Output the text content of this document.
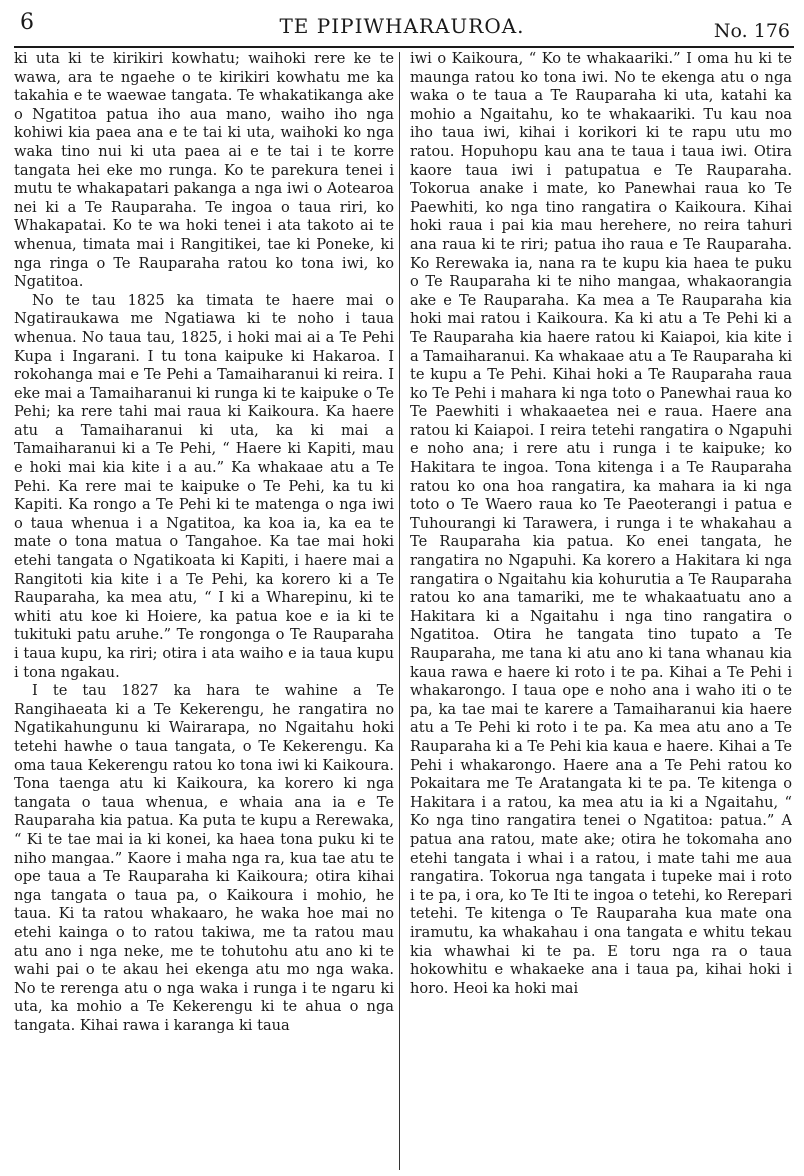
6	TE PIPIWHARAUROA.	No. 176

ki uta ki te kirikiri kowhatu; waihoki rere ke te wawa, ara te ngaehe o te kirikiri kowhatu me ka takahia e te waewae tangata. Te whakatikanga ake o Ngatitoa patua iho aua mano, waiho iho nga kohiwi kia paea ana e te tai ki uta, waihoki ko nga waka tino nui ki uta paea ai e te tai i te korre tangata hei eke mo runga. Ko te parekura tenei i mutu te whakapatari pakanga a nga iwi o Aotearoa nei ki a Te Rauparaha. Te ingoa o taua riri, ko Whakapatai. Ko te wa hoki tenei i ata takoto ai te whenua, timata mai i Rangitikei, tae ki Poneke, ki nga ringa o Te Rauparaha ratou ko tona iwi, ko Ngatitoa.

No te tau 1825 ka timata te haere mai o Ngatiraukawa me Ngatiawa ki te noho i taua whenua. No taua tau, 1825, i hoki mai ai a Te Pehi Kupa i Ingarani. I tu tona kaipuke ki Hakaroa. I rokohanga mai e Te Pehi a Tamaiharanui ki reira. I eke mai a Tamaiharanui ki runga ki te kaipuke o Te Pehi; ka rere tahi mai raua ki Kaikoura. Ka haere atu a Tamaiharanui ki uta, ka ki mai a Tamaiharanui ki a Te Pehi, “ Haere ki Kapiti, mau e hoki mai kia kite i a au.” Ka whakaae atu a Te Pehi. Ka rere mai te kaipuke o Te Pehi, ka tu ki Kapiti. Ka rongo a Te Pehi ki te matenga o nga iwi o taua whenua i a Ngatitoa, ka koa ia, ka ea te mate o tona matua o Tangahoe. Ka tae mai hoki etehi tangata o Ngatikoata ki Kapiti, i haere mai a Rangitoti kia kite i a Te Pehi, ka korero ki a Te Rauparaha, ka mea atu, “ I ki a Wharepinu, ki te whiti atu koe ki Hoiere, ka patua koe e ia ki te tukituki patu aruhe.” Te rongonga o Te Rauparaha i taua kupu, ka riri; otira i ata waiho e ia taua kupu i tona ngakau.

I te tau 1827 ka hara te wahine a Te Rangihaeata ki a Te Kekerengu, he rangatira no Ngatikahungunu ki Wairarapa, no Ngaitahu hoki tetehi hawhe o taua tangata, o Te Kekerengu. Ka oma taua Kekerengu ratou ko tona iwi ki Kaikoura. Tona taenga atu ki Kaikoura, ka korero ki nga tangata o taua whenua, e whaia ana ia e Te Rauparaha kia patua. Ka puta te kupu a Rerewaka, “ Ki te tae mai ia ki konei, ka haea tona puku ki te niho mangaa.” Kaore i maha nga ra, kua tae atu te ope taua a Te Rauparaha ki Kaikoura; otira kihai nga tangata o taua pa, o Kaikoura i mohio, he taua. Ki ta ratou whakaaro, he waka hoe mai no etehi kainga o to ratou takiwa, me ta ratou mau atu ano i nga neke, me te tohutohu atu ano ki te wahi pai o te akau hei ekenga atu mo nga waka. No te rerenga atu o nga waka i runga i te ngaru ki uta, ka mohio a Te Kekerengu ki te ahua o nga tangata. Kihai rawa i karanga ki taua

iwi o Kaikoura, “ Ko te whakaariki.” I oma hu ki te maunga ratou ko tona iwi. No te ekenga atu o nga waka o te taua a Te Rauparaha ki uta, katahi ka mohio a Ngaitahu, ko te whakaariki. Tu kau noa iho taua iwi, kihai i korikori ki te rapu utu mo ratou. Hopuhopu kau ana te taua i taua iwi. Otira kaore taua iwi i patupatua e Te Rauparaha. Tokorua anake i mate, ko Panewhai raua ko Te Paewhiti, ko nga tino rangatira o Kaikoura. Kihai hoki raua i pai kia mau herehere, no reira tahuri ana raua ki te riri; patua iho raua e Te Rauparaha. Ko Rerewaka ia, nana ra te kupu kia haea te puku o Te Rauparaha ki te niho mangaa, whakaorangia ake e Te Rauparaha. Ka mea a Te Rauparaha kia hoki mai ratou i Kaikoura. Ka ki atu a Te Pehi ki a Te Rauparaha kia haere ratou ki Kaiapoi, kia kite i a Tamaiharanui. Ka whakaae atu a Te Rauparaha ki te kupu a Te Pehi. Kihai hoki a Te Rauparaha raua ko Te Pehi i mahara ki nga toto o Panewhai raua ko Te Paewhiti i whakaaetea nei e raua. Haere ana ratou ki Kaiapoi. I reira tetehi rangatira o Ngapuhi e noho ana; i rere atu i runga i te kaipuke; ko Hakitara te ingoa. Tona kitenga i a Te Rauparaha ratou ko ona hoa rangatira, ka mahara ia ki nga toto o Te Waero raua ko Te Paeoterangi i patua e Tuhourangi ki Tarawera, i runga i te whakahau a Te Rauparaha kia patua. Ko enei tangata, he rangatira no Ngapuhi. Ka korero a Hakitara ki nga rangatira o Ngaitahu kia kohurutia a Te Rauparaha ratou ko ana tamariki, me te whakaatuatu ano a Hakitara ki a Ngaitahu i nga tino rangatira o Ngatitoa. Otira he tangata tino tupato a Te Rauparaha, me tana ki atu ano ki tana whanau kia kaua rawa e haere ki roto i te pa. Kihai a Te Pehi i whakarongo. I taua ope e noho ana i waho iti o te pa, ka tae mai te karere a Tamaiharanui kia haere atu a Te Pehi ki roto i te pa. Ka mea atu ano a Te Rauparaha ki a Te Pehi kia kaua e haere. Kihai a Te Pehi i whakarongo. Haere ana a Te Pehi ratou ko Pokaitara me Te Aratangata ki te pa. Te kitenga o Hakitara i a ratou, ka mea atu ia ki a Ngaitahu, “ Ko nga tino rangatira tenei o Ngatitoa: patua.” A patua ana ratou, mate ake; otira he tokomaha ano etehi tangata i whai i a ratou, i mate tahi me aua rangatira. Tokorua nga tangata i tupeke mai i roto i te pa, i ora, ko Te Iti te ingoa o tetehi, ko Rerepari tetehi. Te kitenga o Te Rauparaha kua mate ona iramutu, ka whakahau i ona tangata e whitu tekau kia whawhai ki te pa. E toru nga ra o taua hokowhitu e whakaeke ana i taua pa, kihai hoki i horo. Heoi ka hoki mai
